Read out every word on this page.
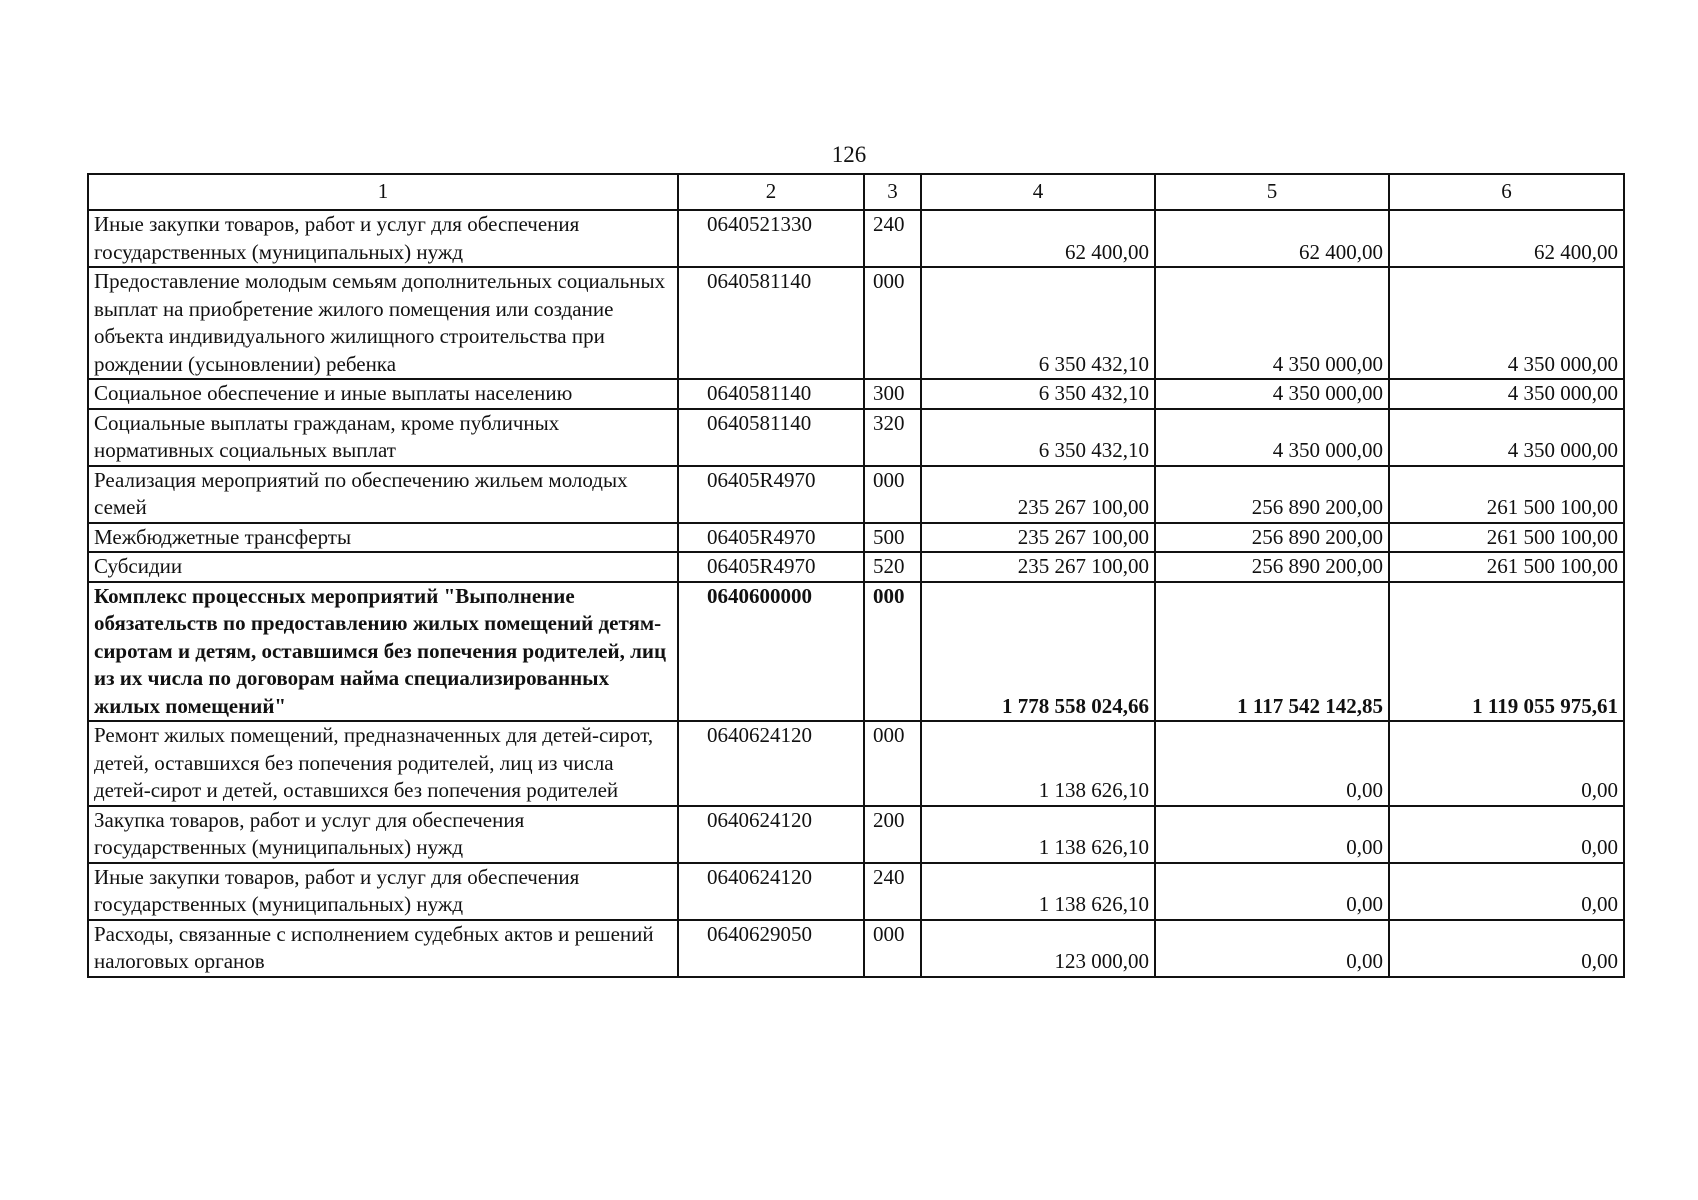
126
1	2	3	4	5	6
Иные закупки товаров, работ и услуг для обеспечения государственных (муниципальных) нужд	0640521330	240	62 400,00	62 400,00	62 400,00
Предоставление молодым семьям дополнительных социальных выплат на приобретение жилого помещения или создание объекта индивидуального жилищного строительства при рождении (усыновлении) ребенка	0640581140	000	6 350 432,10	4 350 000,00	4 350 000,00
Социальное обеспечение и иные выплаты населению	0640581140	300	6 350 432,10	4 350 000,00	4 350 000,00
Социальные выплаты гражданам, кроме публичных нормативных социальных выплат	0640581140	320	6 350 432,10	4 350 000,00	4 350 000,00
Реализация мероприятий по обеспечению жильем молодых семей	06405R4970	000	235 267 100,00	256 890 200,00	261 500 100,00
Межбюджетные трансферты	06405R4970	500	235 267 100,00	256 890 200,00	261 500 100,00
Субсидии	06405R4970	520	235 267 100,00	256 890 200,00	261 500 100,00
Комплекс процессных мероприятий "Выполнение обязательств по предоставлению жилых помещений детям-сиротам и детям, оставшимся без попечения родителей, лиц из их числа по договорам найма специализированных жилых помещений"	0640600000	000	1 778 558 024,66	1 117 542 142,85	1 119 055 975,61
Ремонт жилых помещений, предназначенных для детей-сирот, детей, оставшихся без попечения родителей, лиц из числа детей-сирот и детей, оставшихся без попечения родителей	0640624120	000	1 138 626,10	0,00	0,00
Закупка товаров, работ и услуг для обеспечения государственных (муниципальных) нужд	0640624120	200	1 138 626,10	0,00	0,00
Иные закупки товаров, работ и услуг для обеспечения государственных (муниципальных) нужд	0640624120	240	1 138 626,10	0,00	0,00
Расходы, связанные с исполнением судебных актов и решений налоговых органов	0640629050	000	123 000,00	0,00	0,00
